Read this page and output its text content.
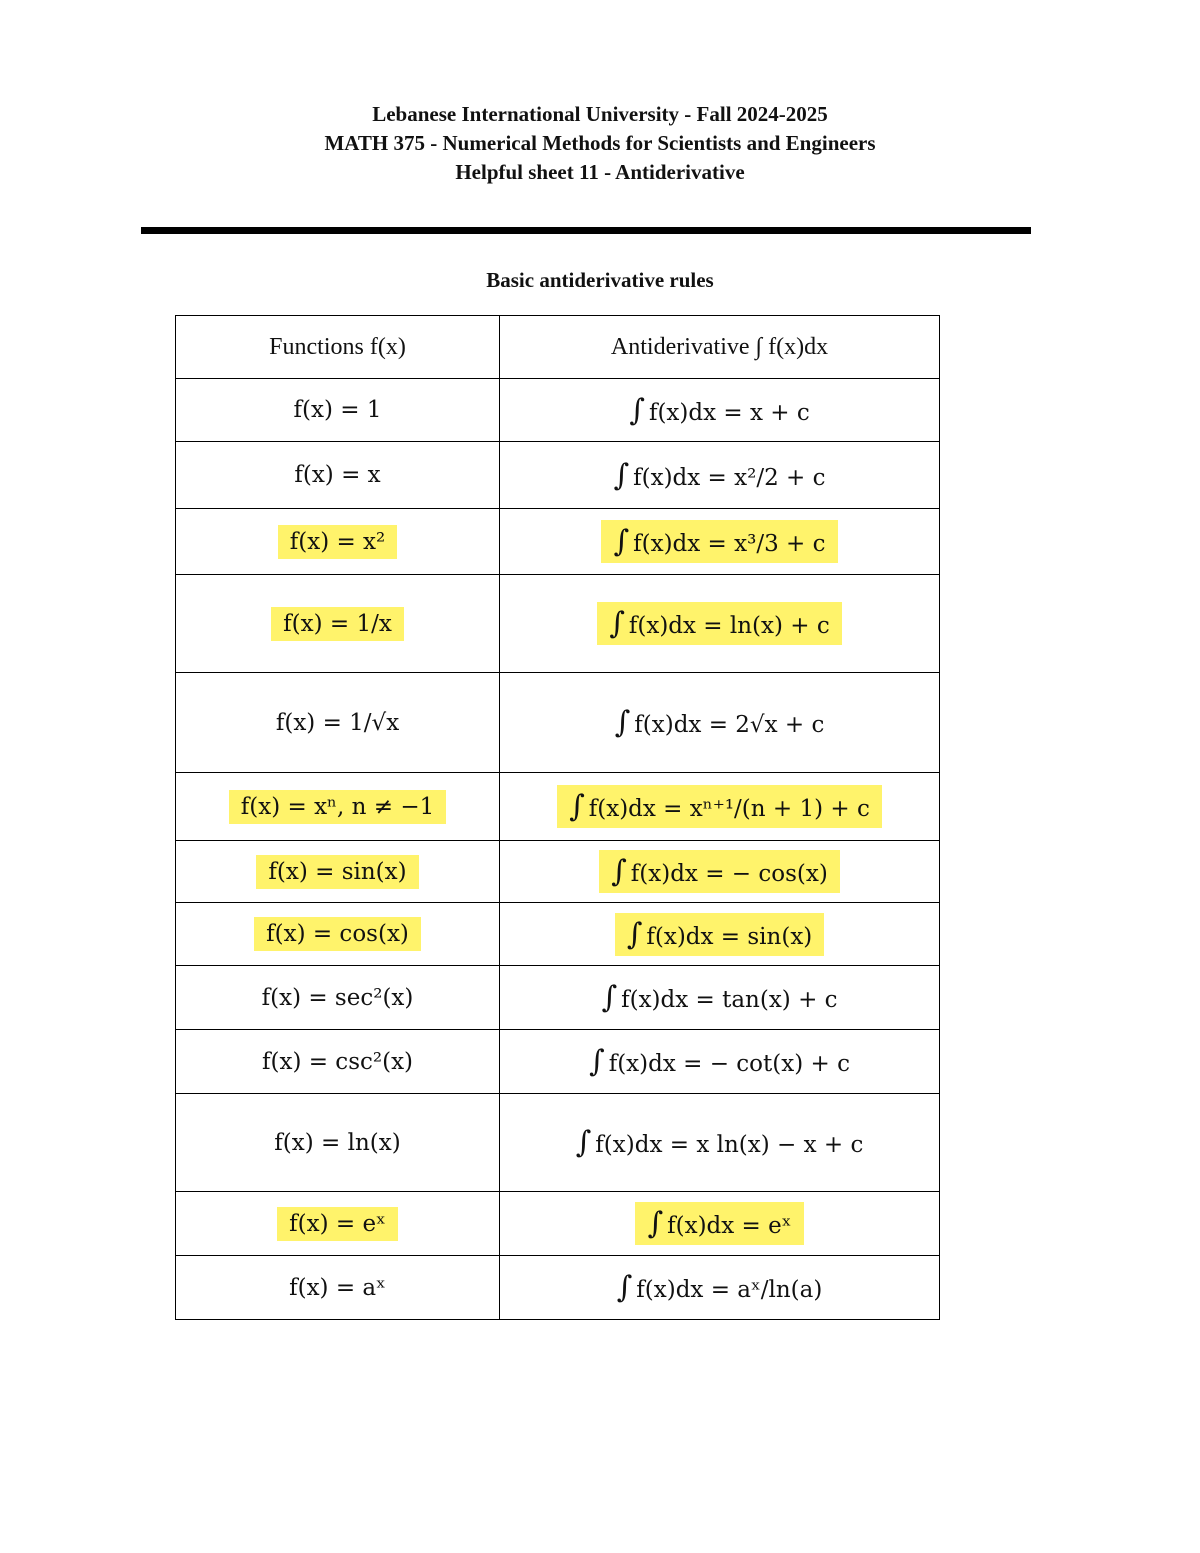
Lebanese International University - Fall 2024-2025
MATH 375 - Numerical Methods for Scientists and Engineers
Helpful sheet 11 - Antiderivative
Basic antiderivative rules
Functions f(x)	Antiderivative ∫ f(x)dx
f(x) = 1	∫ f(x)dx = x + c
f(x) = x	∫ f(x)dx = x²/2 + c
f(x) = x²	∫ f(x)dx = x³/3 + c
f(x) = 1/x	∫ f(x)dx = ln(x) + c
f(x) = 1/√x	∫ f(x)dx = 2√x + c
f(x) = xⁿ, n ≠ −1	∫ f(x)dx = xⁿ⁺¹/(n + 1) + c
f(x) = sin(x)	∫ f(x)dx = − cos(x)
f(x) = cos(x)	∫ f(x)dx = sin(x)
f(x) = sec²(x)	∫ f(x)dx = tan(x) + c
f(x) = csc²(x)	∫ f(x)dx = − cot(x) + c
f(x) = ln(x)	∫ f(x)dx = x ln(x) − x + c
f(x) = eˣ	∫ f(x)dx = eˣ
f(x) = aˣ	∫ f(x)dx = aˣ/ln(a)
